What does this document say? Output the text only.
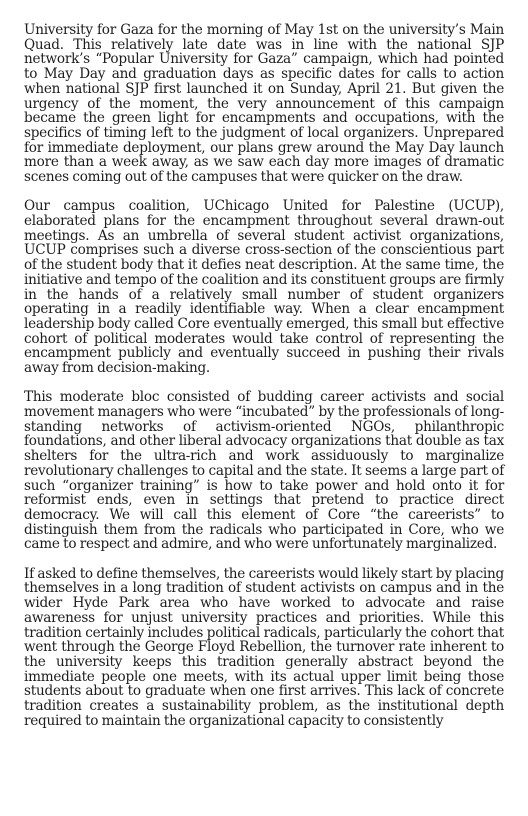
University for Gaza for the morning of May 1st on the university’s Main Quad. This relatively late date was in line with the national SJP network’s “Popular University for Gaza” campaign, which had pointed to May Day and graduation days as specific dates for calls to action when national SJP first launched it on Sunday, April 21. But given the urgency of the moment, the very announcement of this campaign became the green light for encampments and occupations, with the specifics of timing left to the judgment of local organizers. Unprepared for immediate deployment, our plans grew around the May Day launch more than a week away, as we saw each day more images of dramatic scenes coming out of the campuses that were quicker on the draw.

Our campus coalition, UChicago United for Palestine (UCUP), elaborated plans for the encampment throughout several drawn-out meetings. As an umbrella of several student activist organizations, UCUP comprises such a diverse cross-section of the conscientious part of the student body that it defies neat description. At the same time, the initiative and tempo of the coalition and its constituent groups are firmly in the hands of a relatively small number of student organizers operating in a readily identifiable way. When a clear encampment leadership body called Core eventually emerged, this small but effective cohort of political moderates would take control of representing the encampment publicly and eventually succeed in pushing their rivals away from decision-making.

This moderate bloc consisted of budding career activists and social movement managers who were “incubated” by the professionals of long-standing networks of activism-oriented NGOs, philanthropic foundations, and other liberal advocacy organizations that double as tax shelters for the ultra-rich and work assiduously to marginalize revolutionary challenges to capital and the state. It seems a large part of such “organizer training” is how to take power and hold onto it for reformist ends, even in settings that pretend to practice direct democracy. We will call this element of Core “the careerists” to distinguish them from the radicals who participated in Core, who we came to respect and admire, and who were unfortunately marginalized.

If asked to define themselves, the careerists would likely start by placing themselves in a long tradition of student activists on campus and in the wider Hyde Park area who have worked to advocate and raise awareness for unjust university practices and priorities. While this tradition certainly includes political radicals, particularly the cohort that went through the George Floyd Rebellion, the turnover rate inherent to the university keeps this tradition generally abstract beyond the immediate people one meets, with its actual upper limit being those students about to graduate when one first arrives. This lack of concrete tradition creates a sustainability problem, as the institutional depth required to maintain the organizational capacity to consistently
